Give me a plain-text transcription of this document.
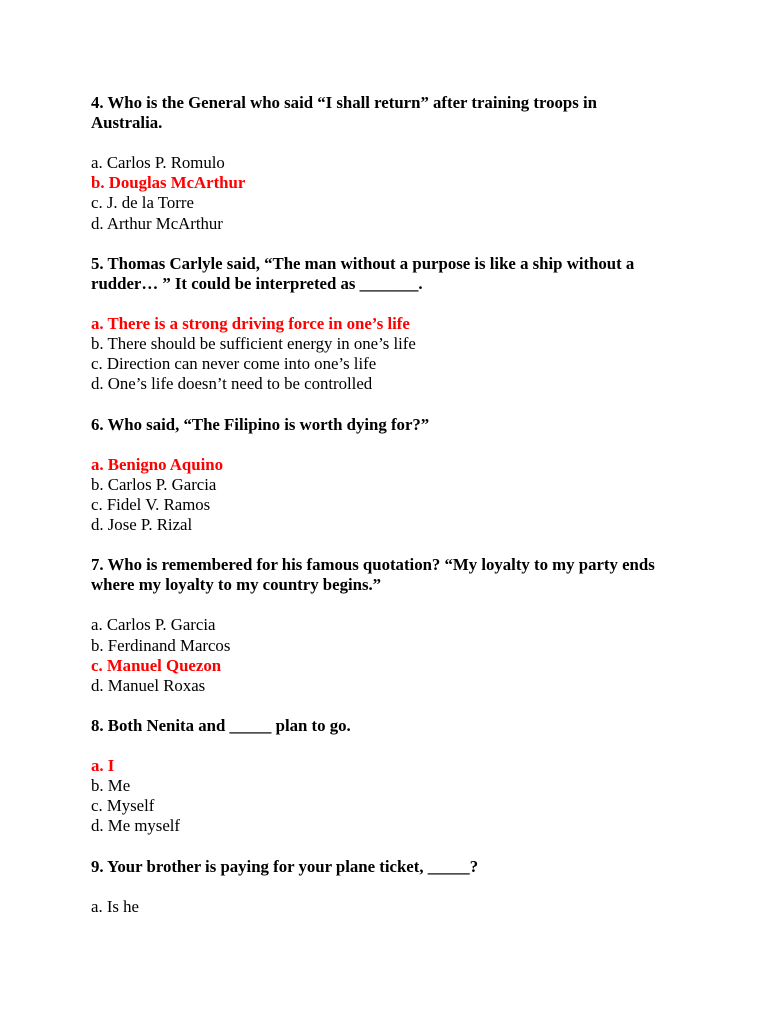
4. Who is the General who said “I shall return” after training troops in
Australia.
a. Carlos P. Romulo
b. Douglas McArthur
c. J. de la Torre
d. Arthur McArthur
5. Thomas Carlyle said, “The man without a purpose is like a ship without a
rudder… ” It could be interpreted as _______.
a. There is a strong driving force in one’s life
b. There should be sufficient energy in one’s life
c. Direction can never come into one’s life
d. One’s life doesn’t need to be controlled
6. Who said, “The Filipino is worth dying for?”
a. Benigno Aquino
b. Carlos P. Garcia
c. Fidel V. Ramos
d. Jose P. Rizal
7. Who is remembered for his famous quotation? “My loyalty to my party ends
where my loyalty to my country begins.”
a. Carlos P. Garcia
b. Ferdinand Marcos
c. Manuel Quezon
d. Manuel Roxas
8. Both Nenita and _____ plan to go.
a. I
b. Me
c. Myself
d. Me myself
9. Your brother is paying for your plane ticket, _____?
a. Is he
